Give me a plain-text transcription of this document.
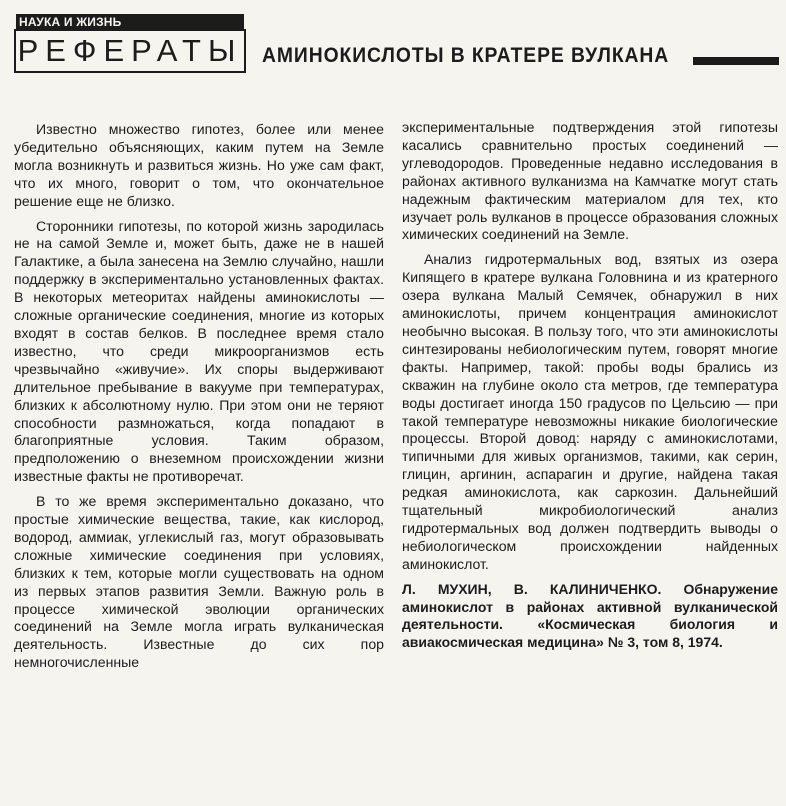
НАУКА И ЖИЗНЬ
РЕФЕРАТЫ АМИНОКИСЛОТЫ В КРАТЕРЕ ВУЛКАНА

Известно множество гипотез, более или менее убедительно объясняющих, каким путем на Земле могла возникнуть и развиться жизнь. Но уже сам факт, что их много, говорит о том, что окончательное решение еще не близко.

Сторонники гипотезы, по которой жизнь зародилась не на самой Земле и, может быть, даже не в нашей Галактике, а была занесена на Землю случайно, нашли поддержку в экспериментально установленных фактах. В некоторых метеоритах найдены аминокислоты — сложные органические соединения, многие из которых входят в состав белков. В последнее время стало известно, что среди микроорганизмов есть чрезвычайно «живучие». Их споры выдерживают длительное пребывание в вакууме при температурах, близких к абсолютному нулю. При этом они не теряют способности размножаться, когда попадают в благоприятные условия. Таким образом, предположению о внеземном происхождении жизни известные факты не противоречат.

В то же время экспериментально доказано, что простые химические вещества, такие, как кислород, водород, аммиак, углекислый газ, могут образовывать сложные химические соединения при условиях, близких к тем, которые могли существовать на одном из первых этапов развития Земли. Важную роль в процессе химической эволюции органических соединений на Земле могла играть вулканическая деятельность. Известные до сих пор немногочисленные

экспериментальные подтверждения этой гипотезы касались сравнительно простых соединений — углеводородов. Проведенные недавно исследования в районах активного вулканизма на Камчатке могут стать надежным фактическим материалом для тех, кто изучает роль вулканов в процессе образования сложных химических соединений на Земле.

Анализ гидротермальных вод, взятых из озера Кипящего в кратере вулкана Головнина и из кратерного озера вулкана Малый Семячек, обнаружил в них аминокислоты, причем концентрация аминокислот необычно высокая. В пользу того, что эти аминокислоты синтезированы небиологическим путем, говорят многие факты. Например, такой: пробы воды брались из скважин на глубине около ста метров, где температура воды достигает иногда 150 градусов по Цельсию — при такой температуре невозможны никакие биологические процессы. Второй довод: наряду с аминокислотами, типичными для живых организмов, такими, как серин, глицин, аргинин, аспарагин и другие, найдена такая редкая аминокислота, как саркозин. Дальнейший тщательный микробиологический анализ гидротермальных вод должен подтвердить выводы о небиологическом происхождении найденных аминокислот.

Л. МУХИН, В. КАЛИНИЧЕНКО. Обнаружение аминокислот в районах активной вулканической деятельности. «Космическая биология и авиакосмическая медицина» № 3, том 8, 1974.
